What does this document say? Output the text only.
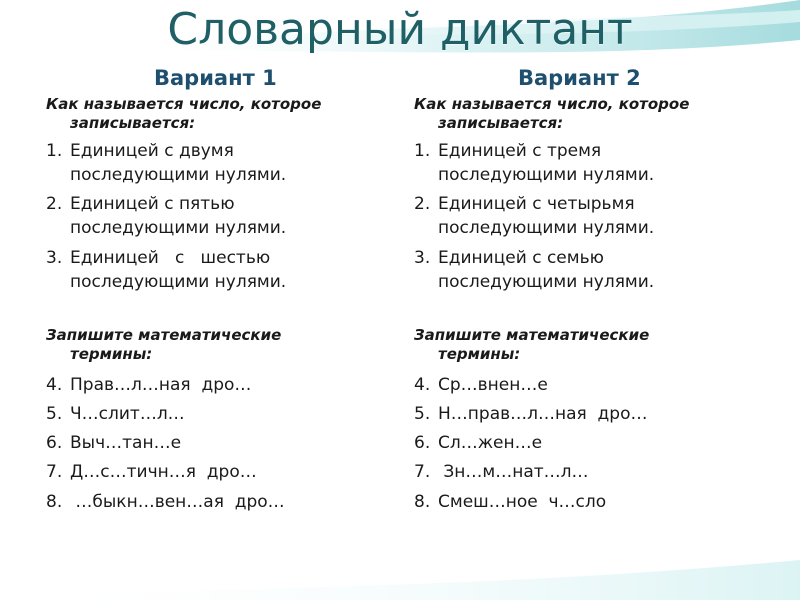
Словарный диктант
Вариант 1
Как называется число, которое
записывается:
1. Единицей с двумя
последующими нулями.
2. Единицей с пятью
последующими нулями.
3. Единицей   с   шестью
последующими нулями.
Запишите математические
термины:
4. Прав…л…ная  дро…
5. Ч…слит…л…
6. Выч…тан…е
7. Д…с…тичн…я  дро…
8. …быкн…вен…ая  дро…
Вариант 2
Как называется число, которое
записывается:
1. Единицей с тремя
последующими нулями.
2. Единицей с четырьмя
последующими нулями.
3. Единицей с семью
последующими нулями.
Запишите математические
термины:
4. Ср…внен…е
5. Н…прав…л…ная  дро…
6. Сл…жен…е
7. Зн…м…нат…л…
8. Смеш…ное  ч…сло
